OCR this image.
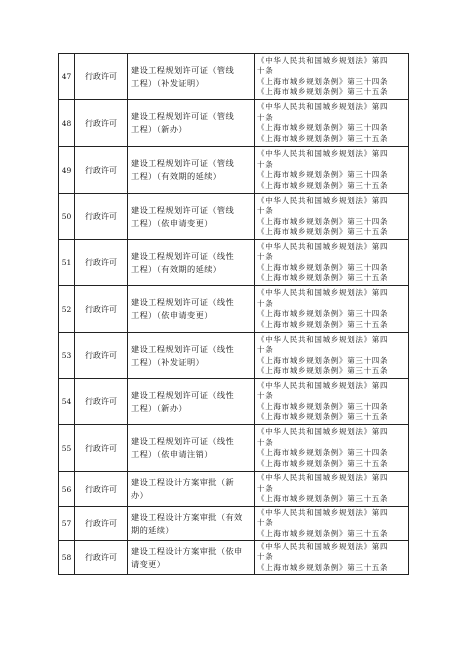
47	行政许可	建设工程规划许可证（管线
工程）（补发证明）	《中华人民共和国城乡规划法》第四
十条
《上海市城乡规划条例》第三十四条
《上海市城乡规划条例》第三十五条

48	行政许可	建设工程规划许可证（管线
工程）（新办）	《中华人民共和国城乡规划法》第四
十条
《上海市城乡规划条例》第三十四条
《上海市城乡规划条例》第三十五条

49	行政许可	建设工程规划许可证（管线
工程）（有效期的延续）	《中华人民共和国城乡规划法》第四
十条
《上海市城乡规划条例》第三十四条
《上海市城乡规划条例》第三十五条

50	行政许可	建设工程规划许可证（管线
工程）（依申请变更）	《中华人民共和国城乡规划法》第四
十条
《上海市城乡规划条例》第三十四条
《上海市城乡规划条例》第三十五条

51	行政许可	建设工程规划许可证（线性
工程）（有效期的延续）	《中华人民共和国城乡规划法》第四
十条
《上海市城乡规划条例》第三十四条
《上海市城乡规划条例》第三十五条

52	行政许可	建设工程规划许可证（线性
工程）（依申请变更）	《中华人民共和国城乡规划法》第四
十条
《上海市城乡规划条例》第三十四条
《上海市城乡规划条例》第三十五条

53	行政许可	建设工程规划许可证（线性
工程）（补发证明）	《中华人民共和国城乡规划法》第四
十条
《上海市城乡规划条例》第三十四条
《上海市城乡规划条例》第三十五条

54	行政许可	建设工程规划许可证（线性
工程）（新办）	《中华人民共和国城乡规划法》第四
十条
《上海市城乡规划条例》第三十四条
《上海市城乡规划条例》第三十五条

55	行政许可	建设工程规划许可证（线性
工程）（依申请注销）	《中华人民共和国城乡规划法》第四
十条
《上海市城乡规划条例》第三十四条
《上海市城乡规划条例》第三十五条

56	行政许可	建设工程设计方案审批（新
办）	《中华人民共和国城乡规划法》第四
十条
《上海市城乡规划条例》第三十五条

57	行政许可	建设工程设计方案审批（有效
期的延续）	《中华人民共和国城乡规划法》第四
十条
《上海市城乡规划条例》第三十五条

58	行政许可	建设工程设计方案审批（依申
请变更）	《中华人民共和国城乡规划法》第四
十条
《上海市城乡规划条例》第三十五条
